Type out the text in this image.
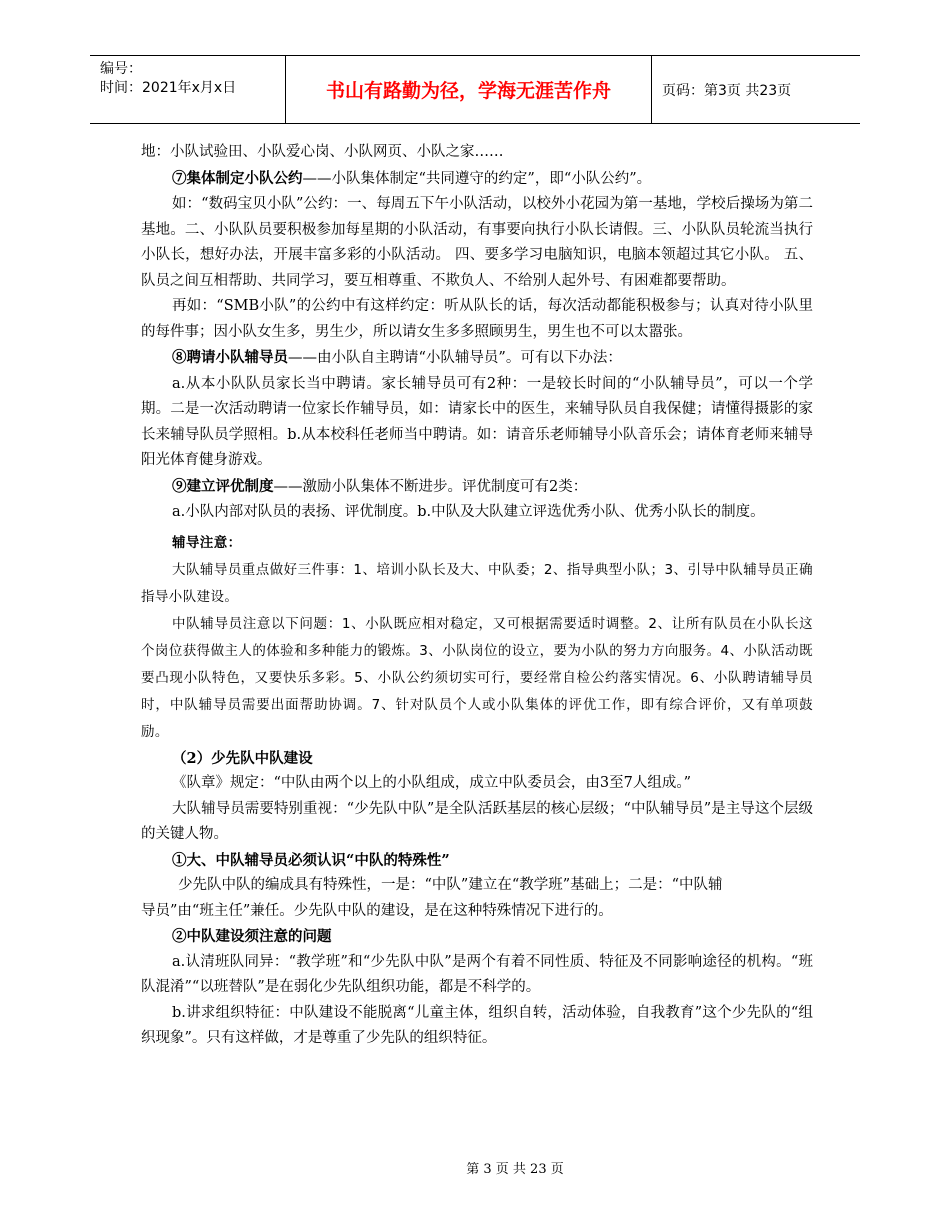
编号：
时间：2021年x月x日	书山有路勤为径，学海无涯苦作舟	页码：第3页 共23页

地：小队试验田、小队爱心岗、小队网页、小队之家……

⑦集体制定小队公约——小队集体制定“共同遵守的约定”，即“小队公约”。

如：“数码宝贝小队”公约：一、每周五下午小队活动，以校外小花园为第一基地，学校后操场为第二基地。二、小队队员要积极参加每星期的小队活动，有事要向执行小队长请假。三、小队队员轮流当执行小队长，想好办法，开展丰富多彩的小队活动。 四、要多学习电脑知识，电脑本领超过其它小队。 五、队员之间互相帮助、共同学习，要互相尊重、不欺负人、不给别人起外号、有困难都要帮助。

再如：“SMB小队”的公约中有这样约定：听从队长的话，每次活动都能积极参与；认真对待小队里的每件事；因小队女生多，男生少，所以请女生多多照顾男生，男生也不可以太嚣张。

⑧聘请小队辅导员——由小队自主聘请“小队辅导员”。可有以下办法：

a.从本小队队员家长当中聘请。家长辅导员可有2种：一是较长时间的“小队辅导员”，可以一个学期。二是一次活动聘请一位家长作辅导员，如：请家长中的医生，来辅导队员自我保健；请懂得摄影的家长来辅导队员学照相。b.从本校科任老师当中聘请。如：请音乐老师辅导小队音乐会；请体育老师来辅导阳光体育健身游戏。

⑨建立评优制度——激励小队集体不断进步。评优制度可有2类：

a.小队内部对队员的表扬、评优制度。b.中队及大队建立评选优秀小队、优秀小队长的制度。

辅导注意：

大队辅导员重点做好三件事：1、培训小队长及大、中队委；2、指导典型小队；3、引导中队辅导员正确指导小队建设。

中队辅导员注意以下问题：1、小队既应相对稳定，又可根据需要适时调整。2、让所有队员在小队长这个岗位获得做主人的体验和多种能力的锻炼。3、小队岗位的设立，要为小队的努力方向服务。4、小队活动既要凸现小队特色，又要快乐多彩。5、小队公约须切实可行，要经常自检公约落实情况。6、小队聘请辅导员时，中队辅导员需要出面帮助协调。7、针对队员个人或小队集体的评优工作，即有综合评价，又有单项鼓励。

（2）少先队中队建设

《队章》规定：“中队由两个以上的小队组成，成立中队委员会，由3至7人组成。”

大队辅导员需要特别重视：“少先队中队”是全队活跃基层的核心层级；“中队辅导员”是主导这个层级的关键人物。

①大、中队辅导员必须认识“中队的特殊性”

少先队中队的编成具有特殊性，一是：“中队”建立在“教学班”基础上；二是：“中队辅

导员”由“班主任”兼任。少先队中队的建设，是在这种特殊情况下进行的。

②中队建设须注意的问题

a.认清班队同异：“教学班”和“少先队中队”是两个有着不同性质、特征及不同影响途径的机构。“班队混淆”“以班替队”是在弱化少先队组织功能，都是不科学的。

b.讲求组织特征：中队建设不能脱离“儿童主体，组织自转，活动体验，自我教育”这个少先队的“组织现象”。只有这样做，才是尊重了少先队的组织特征。

第 3 页 共 23 页
